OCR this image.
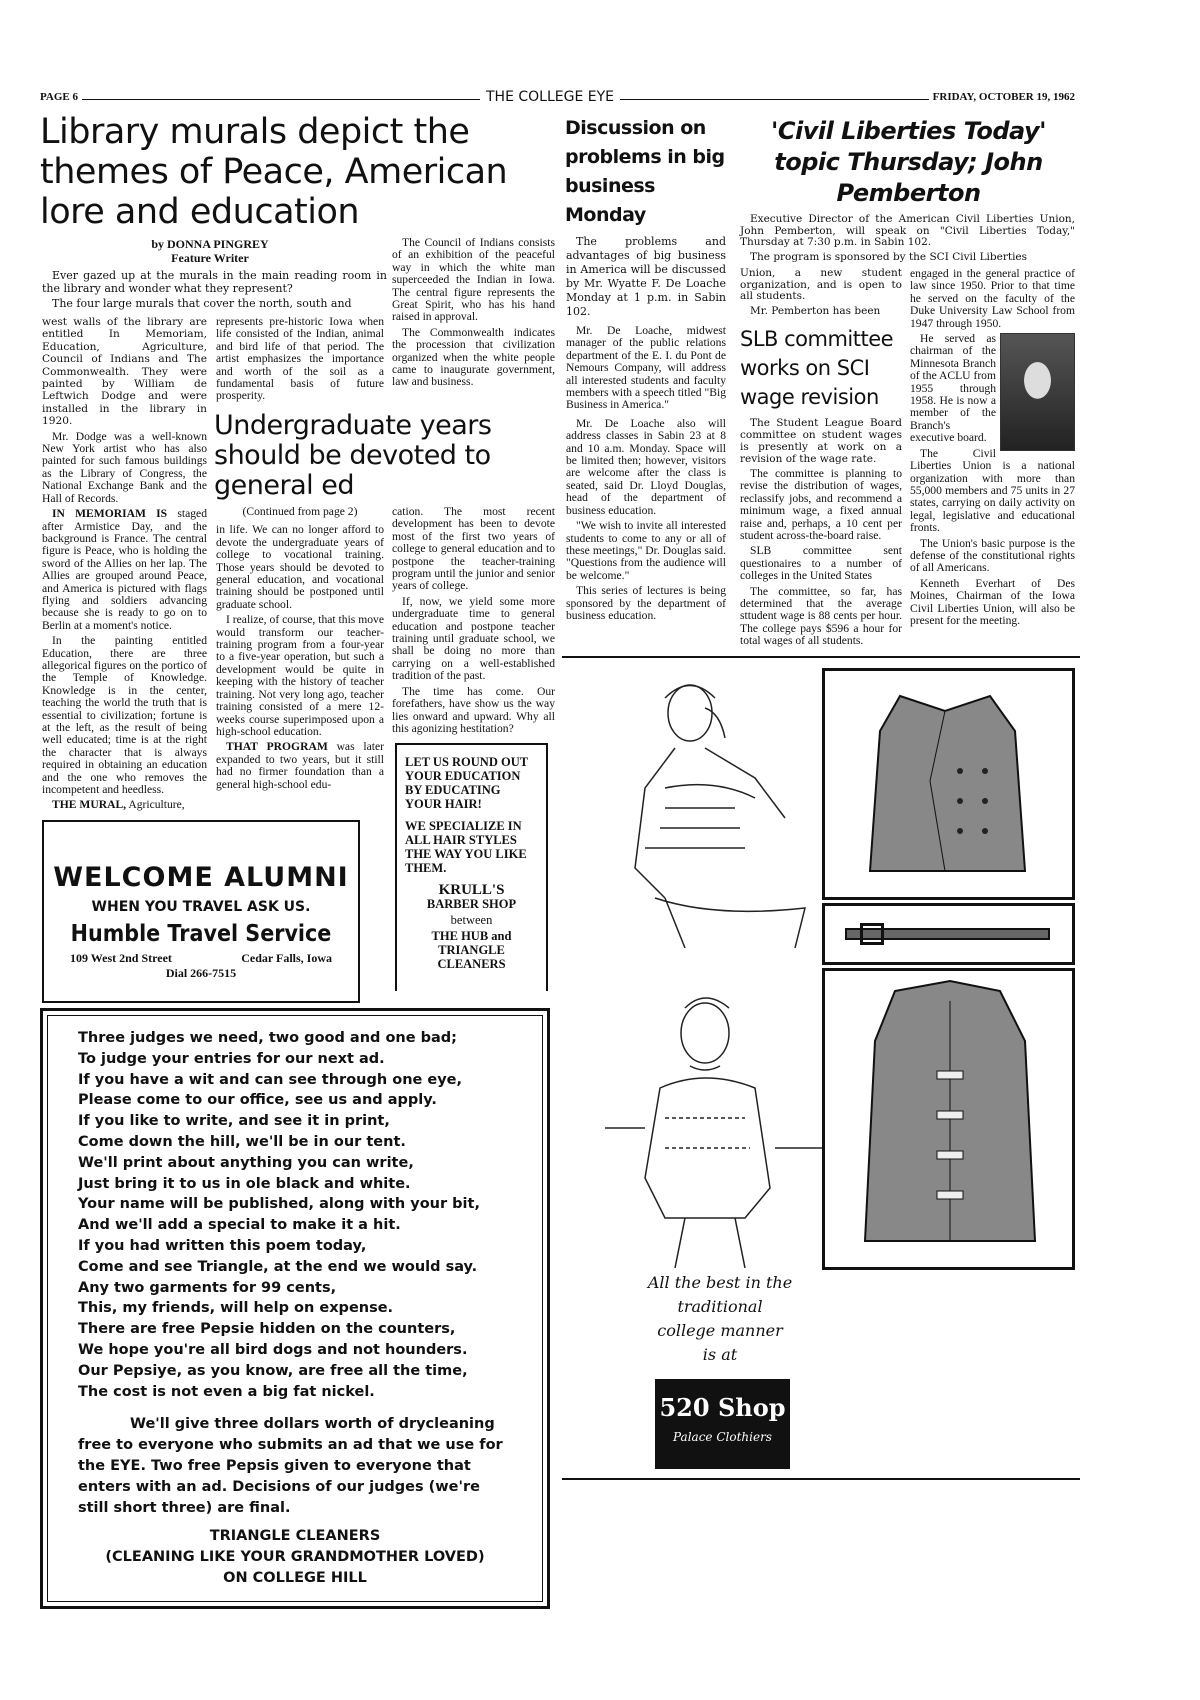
PAGE 6	THE COLLEGE EYE	FRIDAY, OCTOBER 19, 1962
Library murals depict the themes of Peace, American lore and education
by DONNA PINGREY
Feature Writer

Ever gazed up at the murals in the main reading room in the library and wonder what they represent?

The four large murals that cover the north, south and

west walls of the library are entitled In Memoriam, Education, Agriculture, Council of Indians and The Commonwealth. They were painted by William de Leftwich Dodge and were installed in the library in 1920.

Mr. Dodge was a well-known New York artist who has also painted for such famous buildings as the Library of Congress, the National Exchange Bank and the Hall of Records.

IN MEMORIAM IS staged after Armistice Day, and the background is France. The central figure is Peace, who is holding the sword of the Allies on her lap. The Allies are grouped around Peace, and America is pictured with flags flying and soldiers advancing because she is ready to go on to Berlin at a moment's notice.

In the painting entitled Education, there are three allegorical figures on the portico of the Temple of Knowledge. Knowledge is in the center, teaching the world the truth that is essential to civilization; fortune is at the left, as the result of being well educated; time is at the right the character that is always required in obtaining an education and the one who removes the incompetent and heedless.

THE MURAL, Agriculture,

represents pre-historic Iowa when life consisted of the Indian, animal and bird life of that period. The artist emphasizes the importance and worth of the soil as a fundamental basis of future prosperity.

The Council of Indians consists of an exhibition of the peaceful way in which the white man superceeded the Indian in Iowa. The central figure represents the Great Spirit, who has his hand raised in approval.

The Commonwealth indicates the procession that civilization organized when the white people came to inaugurate government, law and business.

Undergraduate years should be devoted to general ed
(Continued from page 2)

in life. We can no longer afford to devote the undergraduate years of college to vocational training. Those years should be devoted to general education, and vocational training should be postponed until graduate school.

I realize, of course, that this move would transform our teacher-training program from a four-year to a five-year operation, but such a development would be quite in keeping with the history of teacher training. Not very long ago, teacher training consisted of a mere 12-weeks course superimposed upon a high-school education.

THAT PROGRAM was later expanded to two years, but it still had no firmer foundation than a general high-school edu-

cation. The most recent development has been to devote most of the first two years of college to general education and to postpone the teacher-training program until the junior and senior years of college.

If, now, we yield some more undergraduate time to general education and postpone teacher training until graduate school, we shall be doing no more than carrying on a well-established tradition of the past.

The time has come. Our forefathers, have show us the way lies onward and upward. Why all this agonizing hestitation?

LET US ROUND OUT YOUR EDUCATION BY EDUCATING YOUR HAIR!
WE SPECIALIZE IN ALL HAIR STYLES THE WAY YOU LIKE THEM.
KRULL'S
BARBER SHOP
between
THE HUB and TRIANGLE CLEANERS
WELCOME ALUMNI
WHEN YOU TRAVEL ASK US.
Humble Travel Service
109 West 2nd Street	Cedar Falls, Iowa
Dial 266-7515
Three judges we need, two good and one bad;
To judge your entries for our next ad.
If you have a wit and can see through one eye,
Please come to our office, see us and apply.
If you like to write, and see it in print,
Come down the hill, we'll be in our tent.
We'll print about anything you can write,
Just bring it to us in ole black and white.
Your name will be published, along with your bit,
And we'll add a special to make it a hit.
If you had written this poem today,
Come and see Triangle, at the end we would say.
Any two garments for 99 cents,
This, my friends, will help on expense.
There are free Pepsie hidden on the counters,
We hope you're all bird dogs and not hounders.
Our Pepsiye, as you know, are free all the time,
The cost is not even a big fat nickel.

We'll give three dollars worth of drycleaning free to everyone who submits an ad that we use for the EYE. Two free Pepsis given to everyone that enters with an ad. Decisions of our judges (we're still short three) are final.

TRIANGLE CLEANERS
(CLEANING LIKE YOUR GRANDMOTHER LOVED)
ON COLLEGE HILL
Discussion on problems in big business Monday

The problems and advantages of big business in America will be discussed by Mr. Wyatte F. De Loache Monday at 1 p.m. in Sabin 102.

Mr. De Loache, midwest manager of the public relations department of the E. I. du Pont de Nemours Company, will address all interested students and faculty members with a speech titled "Big Business in America."

Mr. De Loache also will address classes in Sabin 23 at 8 and 10 a.m. Monday. Space will be limited then; however, visitors are welcome after the class is seated, said Dr. Lloyd Douglas, head of the department of business education.

"We wish to invite all interested students to come to any or all of these meetings," Dr. Douglas said. "Questions from the audience will be welcome."

This series of lectures is being sponsored by the department of business education.

'Civil Liberties Today' topic Thursday; John Pemberton

Executive Director of the American Civil Liberties Union, John Pemberton, will speak on "Civil Liberties Today," Thursday at 7:30 p.m. in Sabin 102.

The program is sponsored by the SCI Civil Liberties

Union, a new student organization, and is open to all students.

Mr. Pemberton has been

engaged in the general practice of law since 1950. Prior to that time he served on the faculty of the Duke University Law School from 1947 through 1950.

He served as chairman of the Minnesota Branch of the ACLU from 1955 through 1958. He is now a member of the Branch's executive board.

The Civil Liberties Union is a national organization with more than 55,000 members and 75 units in 27 states, carrying on daily activity on legal, legislative and educational fronts.

The Union's basic purpose is the defense of the constitutional rights of all Americans.

Kenneth Everhart of Des Moines, Chairman of the Iowa Civil Liberties Union, will also be present for the meeting.

SLB committee works on SCI wage revision

The Student League Board committee on student wages is presently at work on a revision of the wage rate.

The committee is planning to revise the distribution of wages, reclassify jobs, and recommend a minimum wage, a fixed annual raise and, perhaps, a 10 cent per student across-the-board raise.

SLB committee sent questionaires to a number of colleges in the United States

The committee, so far, has determined that the average sttudent wage is 88 cents per hour. The college pays $596 a hour for total wages of all students.

All the best in the
traditional
college manner
is at
520 Shop
Palace Clothiers
